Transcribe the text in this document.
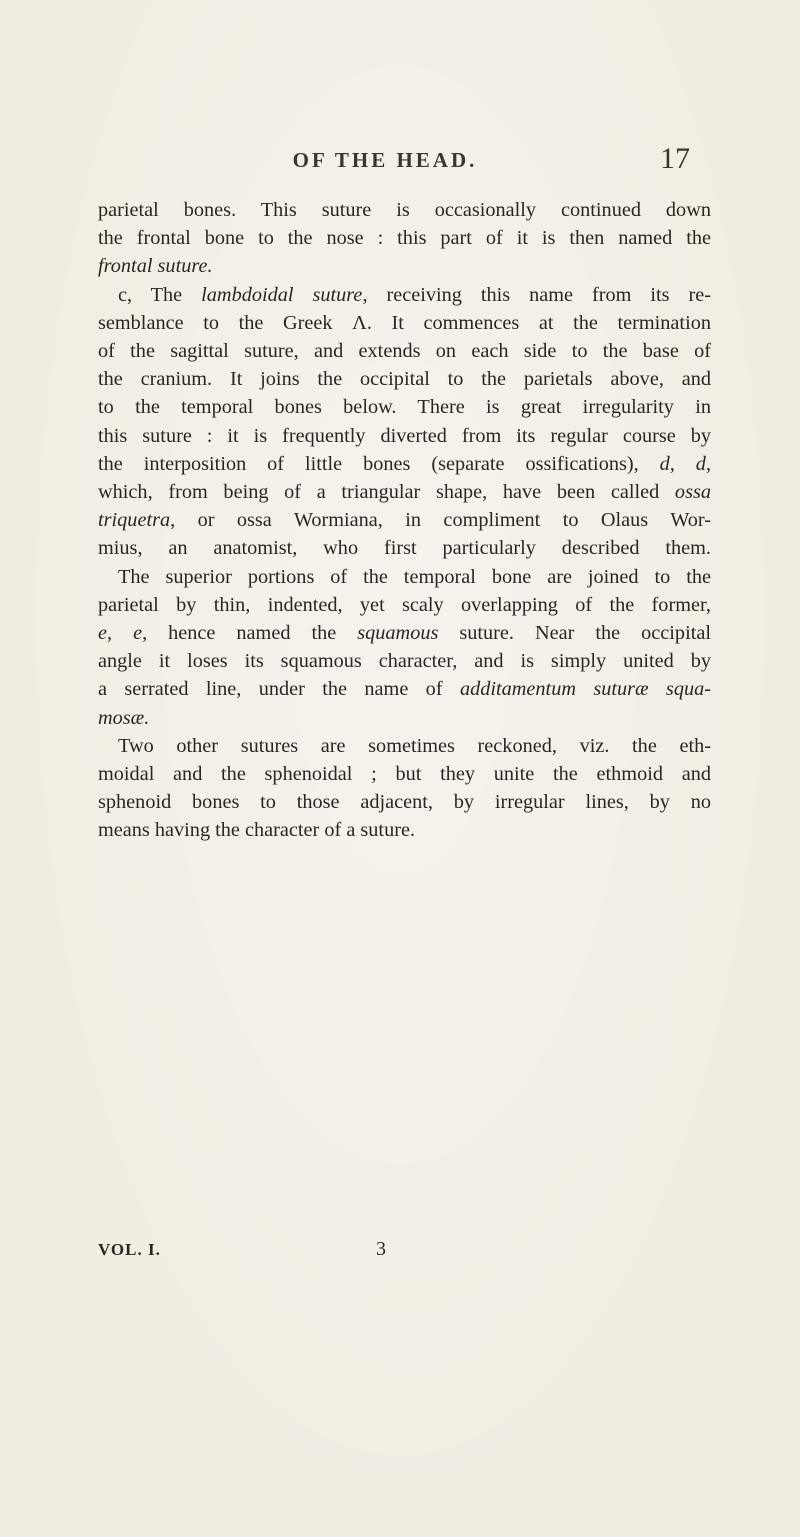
OF THE HEAD.	17
parietal bones. This suture is occasionally continued down
the frontal bone to the nose : this part of it is then named the
frontal suture.
c, The lambdoidal suture, receiving this name from its re-
semblance to the Greek Λ. It commences at the termination
of the sagittal suture, and extends on each side to the base of
the cranium. It joins the occipital to the parietals above, and
to the temporal bones below. There is great irregularity in
this suture : it is frequently diverted from its regular course by
the interposition of little bones (separate ossifications), d, d,
which, from being of a triangular shape, have been called ossa
triquetra, or ossa Wormiana, in compliment to Olaus Wor-
mius, an anatomist, who first particularly described them.
The superior portions of the temporal bone are joined to the
parietal by thin, indented, yet scaly overlapping of the former,
e, e, hence named the squamous suture. Near the occipital
angle it loses its squamous character, and is simply united by
a serrated line, under the name of additamentum suturæ squa-
mosæ.
Two other sutures are sometimes reckoned, viz. the eth-
moidal and the sphenoidal ; but they unite the ethmoid and
sphenoid bones to those adjacent, by irregular lines, by no
means having the character of a suture.
VOL. I.	3
